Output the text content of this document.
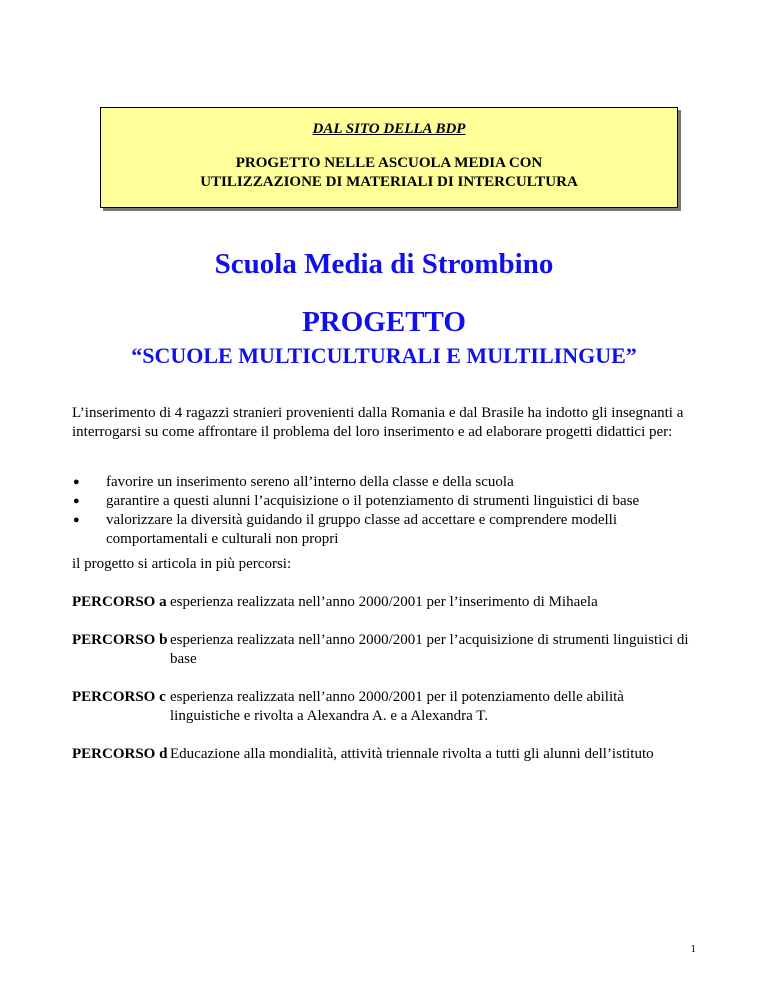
DAL SITO DELLA BDP
PROGETTO NELLE ASCUOLA MEDIA CON
UTILIZZAZIONE DI MATERIALI DI INTERCULTURA
Scuola Media di Strombino
PROGETTO
“SCUOLE MULTICULTURALI E MULTILINGUE”

L’inserimento di 4 ragazzi stranieri provenienti dalla Romania e dal Brasile ha indotto gli insegnanti a interrogarsi su come affrontare il problema del loro inserimento e ad elaborare progetti didattici per:

● favorire un inserimento sereno all’interno della classe e della scuola
● garantire a questi alunni l’acquisizione o il potenziamento di strumenti linguistici di base
● valorizzare la diversità guidando il gruppo classe ad accettare e comprendere modelli comportamentali e culturali non propri
il progetto si articola in più percorsi:
PERCORSO a esperienza realizzata nell’anno 2000/2001 per l’inserimento di Mihaela
PERCORSO b esperienza realizzata nell’anno 2000/2001 per l’acquisizione di strumenti linguistici di base
PERCORSO c esperienza realizzata nell’anno 2000/2001 per il potenziamento delle abilità linguistiche e rivolta a Alexandra A. e a Alexandra T.
PERCORSO d Educazione alla mondialità, attività triennale rivolta a tutti gli alunni dell’istituto
1
